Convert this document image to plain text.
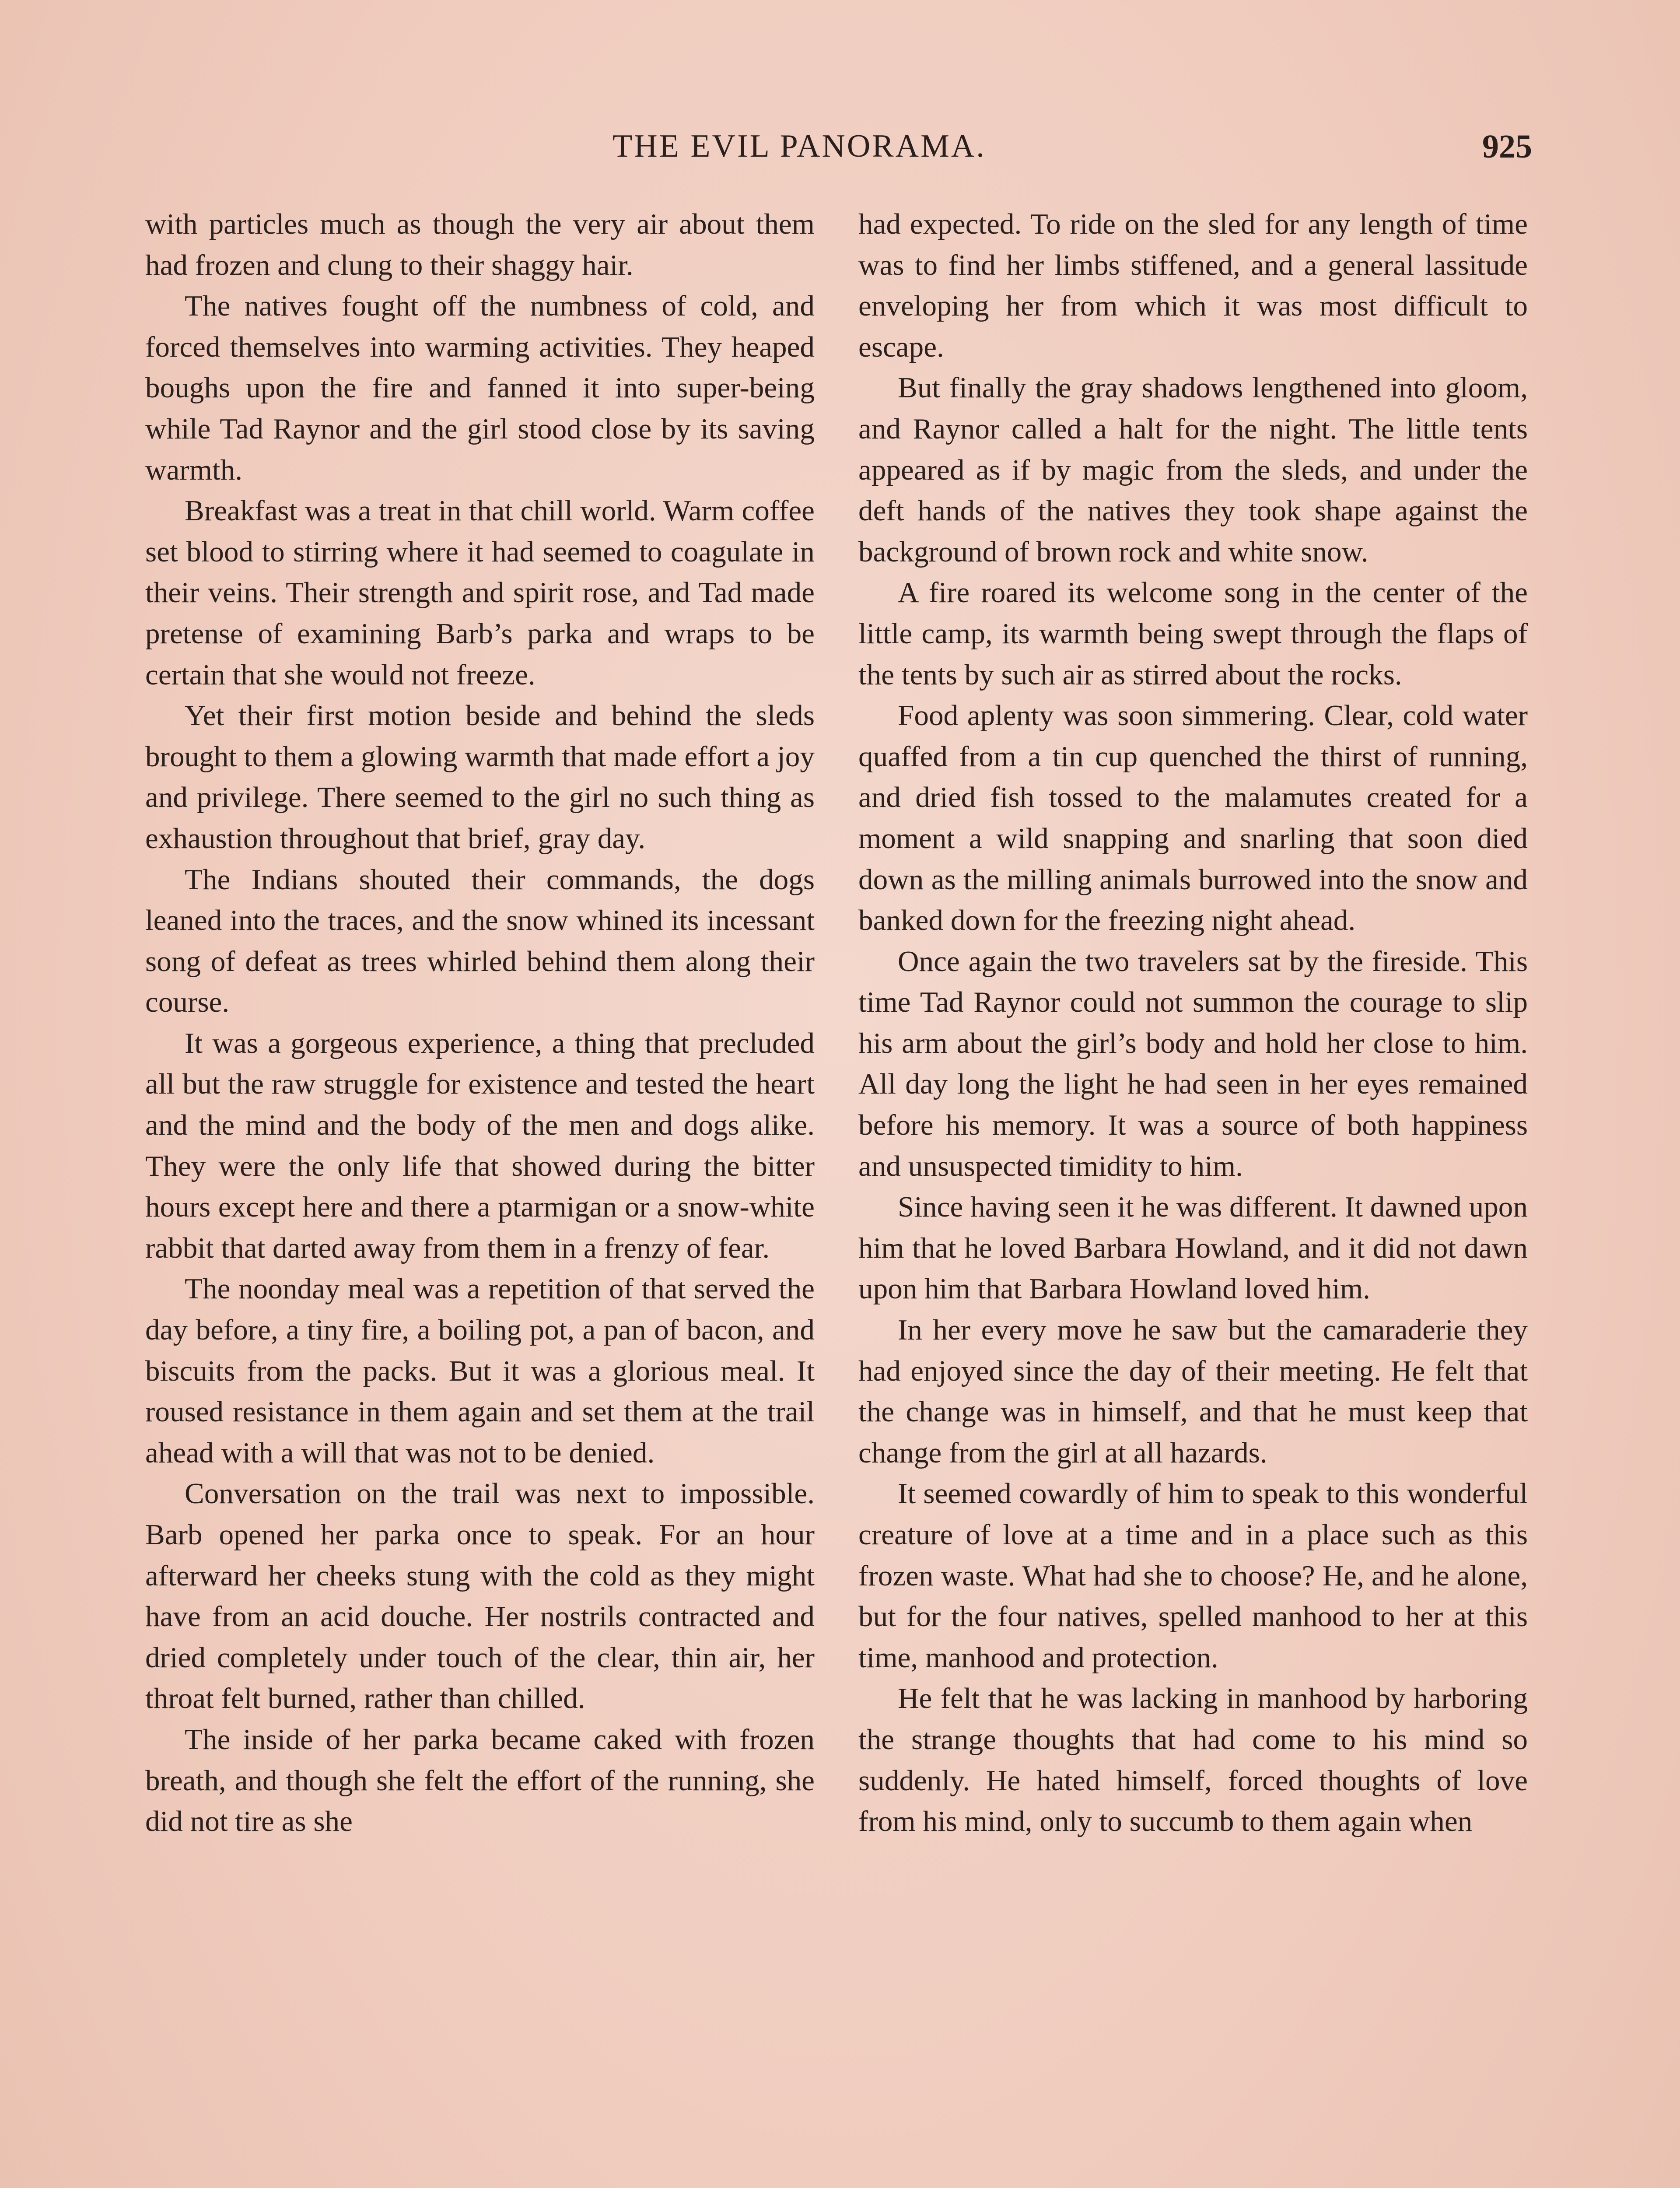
THE EVIL PANORAMA.	925

with particles much as though the very air about them had frozen and clung to their shaggy hair.

The natives fought off the numbness of cold, and forced themselves into warming activities. They heaped boughs upon the fire and fanned it into super-being while Tad Raynor and the girl stood close by its saving warmth.

Breakfast was a treat in that chill world. Warm coffee set blood to stirring where it had seemed to coagulate in their veins. Their strength and spirit rose, and Tad made pretense of examining Barb’s parka and wraps to be certain that she would not freeze.

Yet their first motion beside and behind the sleds brought to them a glowing warmth that made effort a joy and privilege. There seemed to the girl no such thing as exhaustion throughout that brief, gray day.

The Indians shouted their commands, the dogs leaned into the traces, and the snow whined its incessant song of defeat as trees whirled behind them along their course.

It was a gorgeous experience, a thing that precluded all but the raw struggle for existence and tested the heart and the mind and the body of the men and dogs alike. They were the only life that showed during the bitter hours except here and there a ptarmigan or a snow-white rabbit that darted away from them in a frenzy of fear.

The noonday meal was a repetition of that served the day before, a tiny fire, a boiling pot, a pan of bacon, and biscuits from the packs. But it was a glorious meal. It roused resistance in them again and set them at the trail ahead with a will that was not to be denied.

Conversation on the trail was next to impossible. Barb opened her parka once to speak. For an hour afterward her cheeks stung with the cold as they might have from an acid douche. Her nostrils contracted and dried completely under touch of the clear, thin air, her throat felt burned, rather than chilled.

The inside of her parka became caked with frozen breath, and though she felt the effort of the running, she did not tire as she

had expected. To ride on the sled for any length of time was to find her limbs stiffened, and a general lassitude enveloping her from which it was most difficult to escape.

But finally the gray shadows lengthened into gloom, and Raynor called a halt for the night. The little tents appeared as if by magic from the sleds, and under the deft hands of the natives they took shape against the background of brown rock and white snow.

A fire roared its welcome song in the center of the little camp, its warmth being swept through the flaps of the tents by such air as stirred about the rocks.

Food aplenty was soon simmering. Clear, cold water quaffed from a tin cup quenched the thirst of running, and dried fish tossed to the malamutes created for a moment a wild snapping and snarling that soon died down as the milling animals burrowed into the snow and banked down for the freezing night ahead.

Once again the two travelers sat by the fireside. This time Tad Raynor could not summon the courage to slip his arm about the girl’s body and hold her close to him. All day long the light he had seen in her eyes remained before his memory. It was a source of both happiness and unsuspected timidity to him.

Since having seen it he was different. It dawned upon him that he loved Barbara Howland, and it did not dawn upon him that Barbara Howland loved him.

In her every move he saw but the camaraderie they had enjoyed since the day of their meeting. He felt that the change was in himself, and that he must keep that change from the girl at all hazards.

It seemed cowardly of him to speak to this wonderful creature of love at a time and in a place such as this frozen waste. What had she to choose? He, and he alone, but for the four natives, spelled manhood to her at this time, manhood and protection.

He felt that he was lacking in manhood by harboring the strange thoughts that had come to his mind so suddenly. He hated himself, forced thoughts of love from his mind, only to succumb to them again when
